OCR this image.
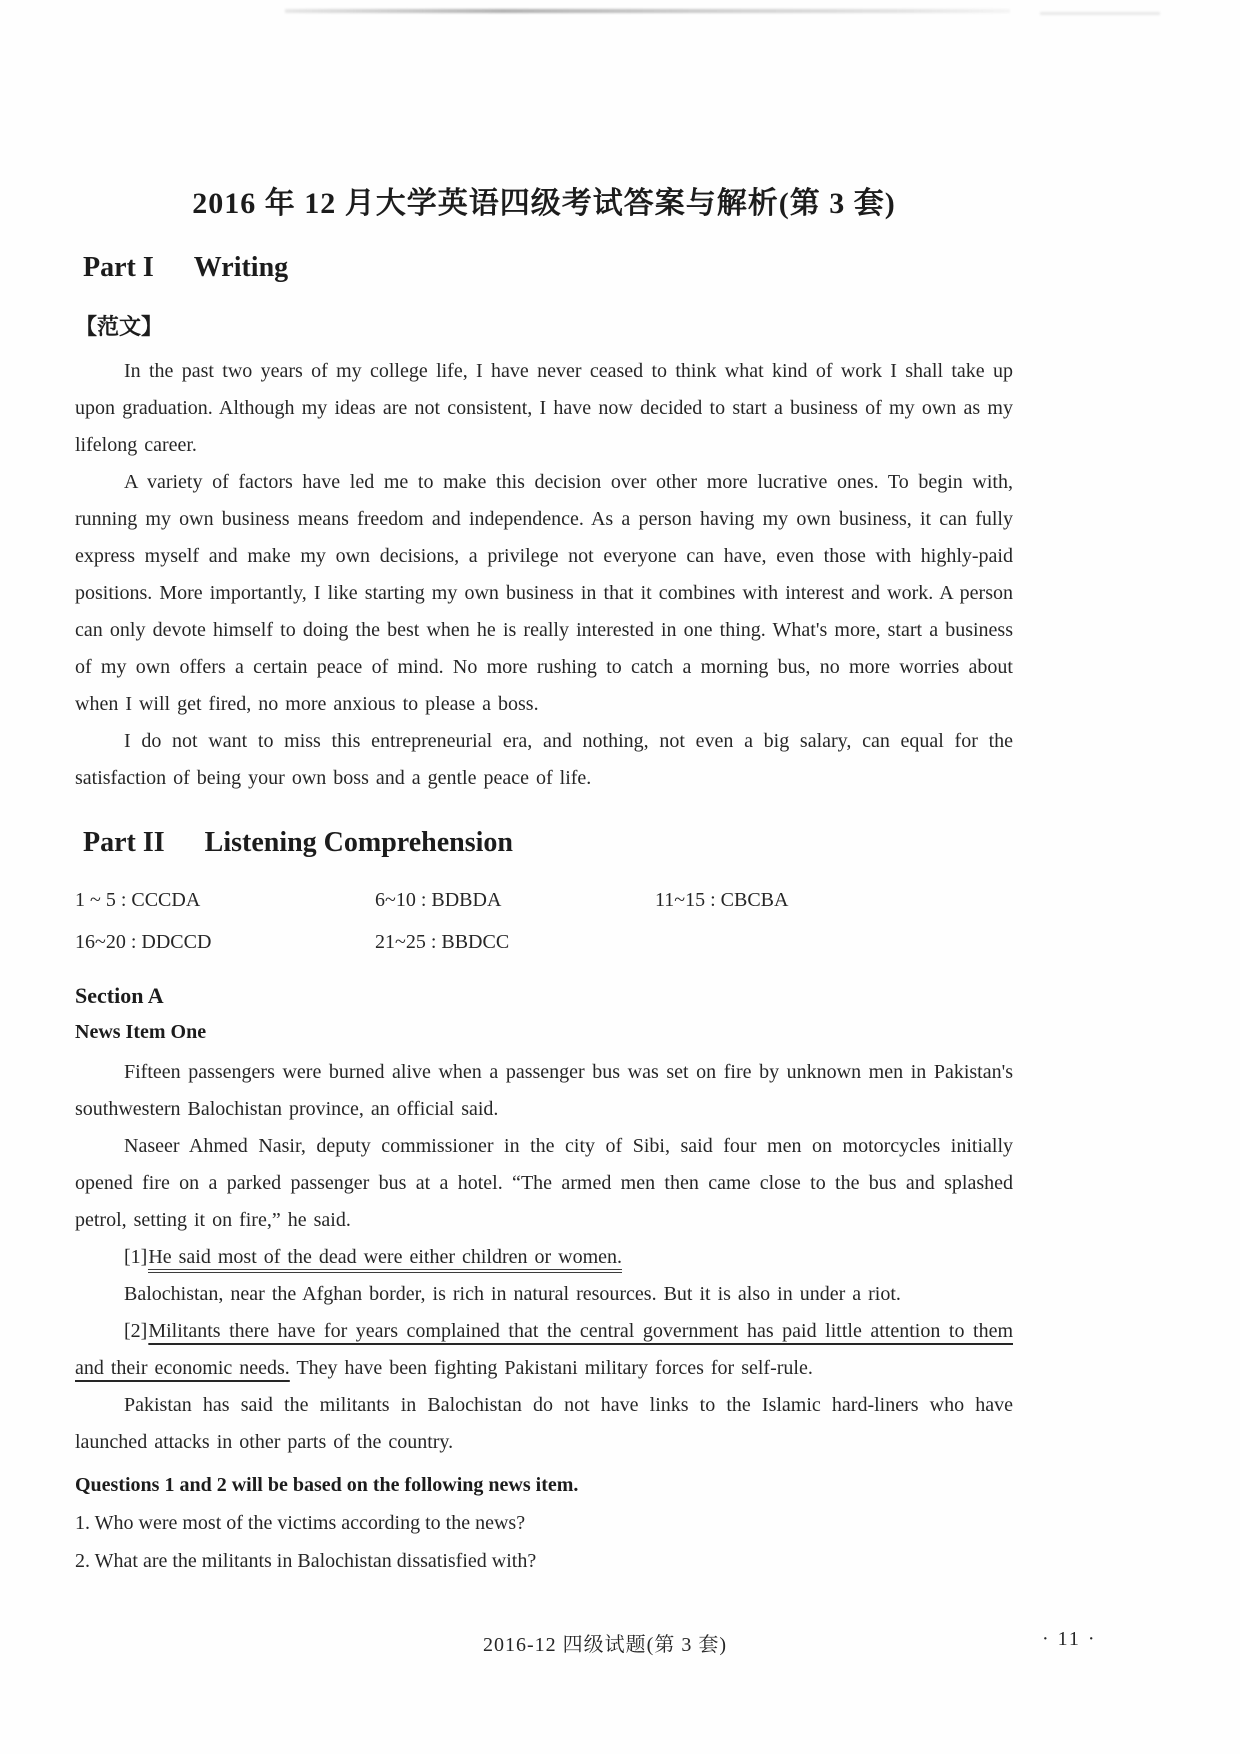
2016 年 12 月大学英语四级考试答案与解析(第 3 套)
Part I Writing
【范文】

In the past two years of my college life, I have never ceased to think what kind of work I shall take up upon graduation. Although my ideas are not consistent, I have now decided to start a business of my own as my lifelong career.

A variety of factors have led me to make this decision over other more lucrative ones. To begin with, running my own business means freedom and independence. As a person having my own business, it can fully express myself and make my own decisions, a privilege not everyone can have, even those with highly-paid positions. More importantly, I like starting my own business in that it combines with interest and work. A person can only devote himself to doing the best when he is really interested in one thing. What's more, start a business of my own offers a certain peace of mind. No more rushing to catch a morning bus, no more worries about when I will get fired, no more anxious to please a boss.

I do not want to miss this entrepreneurial era, and nothing, not even a big salary, can equal for the satisfaction of being your own boss and a gentle peace of life.

Part II Listening Comprehension
1 ~ 5 : CCCDA	6~10 : BDBDA	11~15 : CBCBA
16~20 : DDCCD	21~25 : BBDCC
Section A
News Item One

Fifteen passengers were burned alive when a passenger bus was set on fire by unknown men in Pakistan's southwestern Balochistan province, an official said.

Naseer Ahmed Nasir, deputy commissioner in the city of Sibi, said four men on motorcycles initially opened fire on a parked passenger bus at a hotel. “The armed men then came close to the bus and splashed petrol, setting it on fire,” he said.

[1]He said most of the dead were either children or women.

Balochistan, near the Afghan border, is rich in natural resources. But it is also in under a riot.

[2]Militants there have for years complained that the central government has paid little attention to them and their economic needs. They have been fighting Pakistani military forces for self-rule.

Pakistan has said the militants in Balochistan do not have links to the Islamic hard-liners who have launched attacks in other parts of the country.

Questions 1 and 2 will be based on the following news item.

1. Who were most of the victims according to the news?

2. What are the militants in Balochistan dissatisfied with?

2016-12 四级试题(第 3 套)	· 11 ·
